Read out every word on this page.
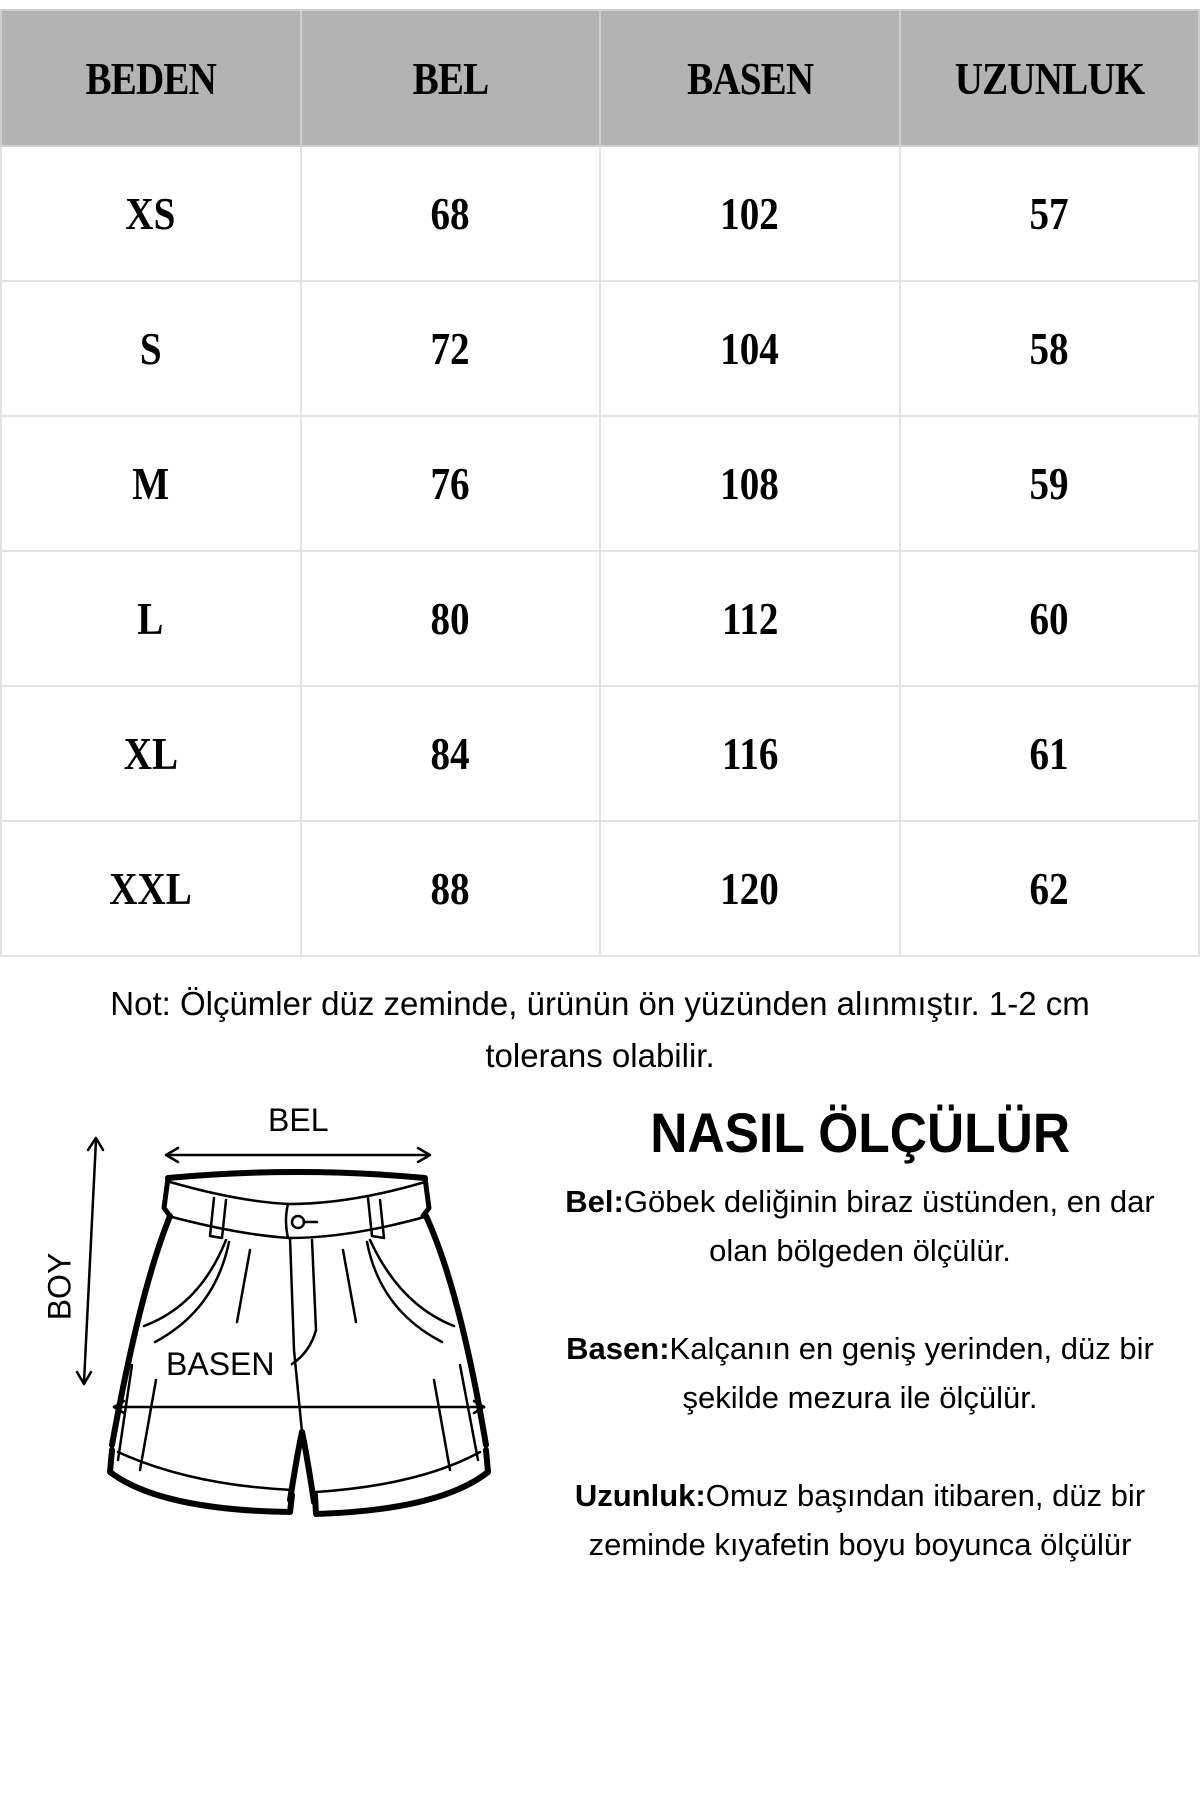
BEDEN	BEL	BASEN	UZUNLUK
XS	68	102	57
S	72	104	58
M	76	108	59
L	80	112	60
XL	84	116	61
XXL	88	120	62
Not: Ölçümler düz zeminde, ürünün ön yüzünden alınmıştır. 1-2 cm tolerans olabilir.
BEL
BASEN
BOY
NASIL ÖLÇÜLÜR
Bel:Göbek deliğinin biraz üstünden, en dar olan bölgeden ölçülür.
Basen:Kalçanın en geniş yerinden, düz bir şekilde mezura ile ölçülür.
Uzunluk:Omuz başından itibaren, düz bir zeminde kıyafetin boyu boyunca ölçülür
